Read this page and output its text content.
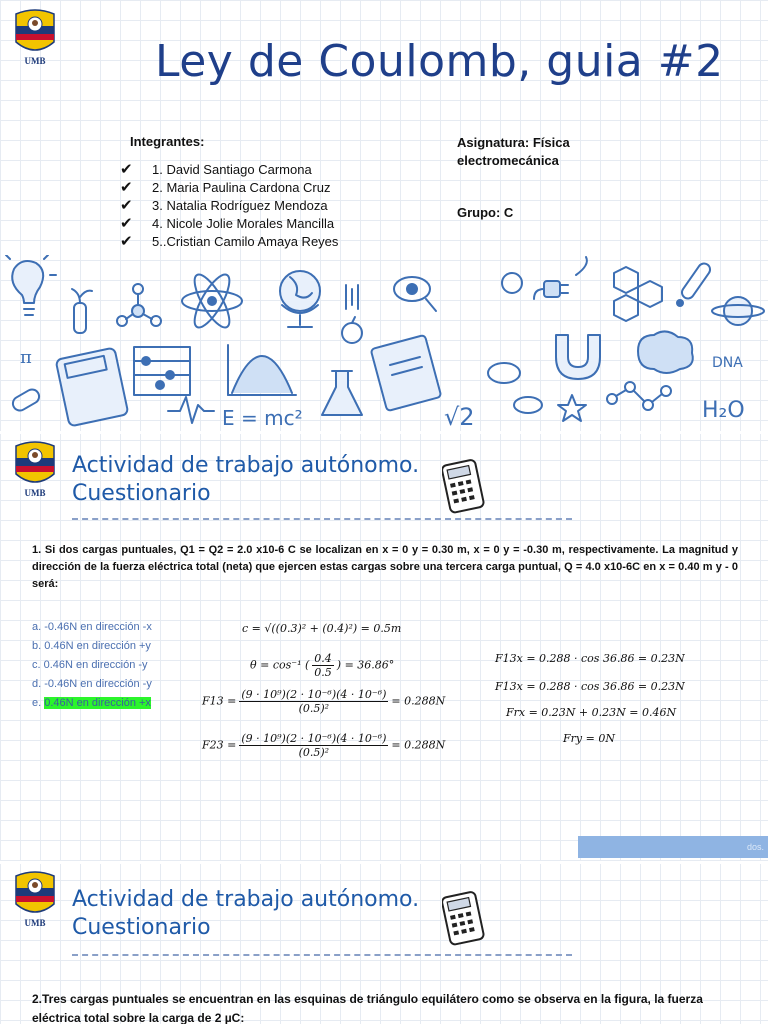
UMB Ley de Coulomb, guia #2
Integrantes:
✔	1. David Santiago Carmona
✔	2. Maria Paulina Cardona Cruz
✔	3. Natalia Rodríguez Mendoza
✔	4. Nicole Jolie Morales Mancilla
✔	5..Cristian Camilo Amaya Reyes
Asignatura: Física electromecánica
Grupo: C
π
E = mc²	√2
DNA
H₂O
UMB
Actividad de trabajo autónomo.
Cuestionario

1. Si dos cargas puntuales, Q1 = Q2 = 2.0 x10-6 C se localizan en x = 0 y = 0.30 m, x = 0 y = -0.30 m, respectivamente. La magnitud y dirección de la fuerza eléctrica total (neta) que ejercen estas cargas sobre una tercera carga puntual, Q = 4.0 x10-6C en x = 0.40 m y - 0 será:

a. -0.46N en dirección -x
b. 0.46N en dirección +y
c. 0.46N en dirección -y
d. -0.46N en dirección -y
e. 0.46N en dirección +x
c = √((0.3)² + (0.4)²) = 0.5m
θ = cos⁻¹ ( $\frac{0.4}{0.5}$ ) = 36.86°
$F13 = \frac{\text{(9 · 10⁹)(2 · 10⁻⁶)(4 · 10⁻⁶)}}{\text{(0.5)²}} = 0.288N$
$F23 = \frac{\text{(9 · 10⁹)(2 · 10⁻⁶)(4 · 10⁻⁶)}}{\text{(0.5)²}} = 0.288N$
F13x = 0.288 · cos 36.86 = 0.23N
F13x = 0.288 · cos 36.86 = 0.23N
Frx = 0.23N + 0.23N = 0.46N
Fry = 0N
dos.
UMB
Actividad de trabajo autónomo.
Cuestionario

2.Tres cargas puntuales se encuentran en las esquinas de triángulo equilátero como se observa en la figura, la fuerza eléctrica total sobre la carga de 2 µC:
